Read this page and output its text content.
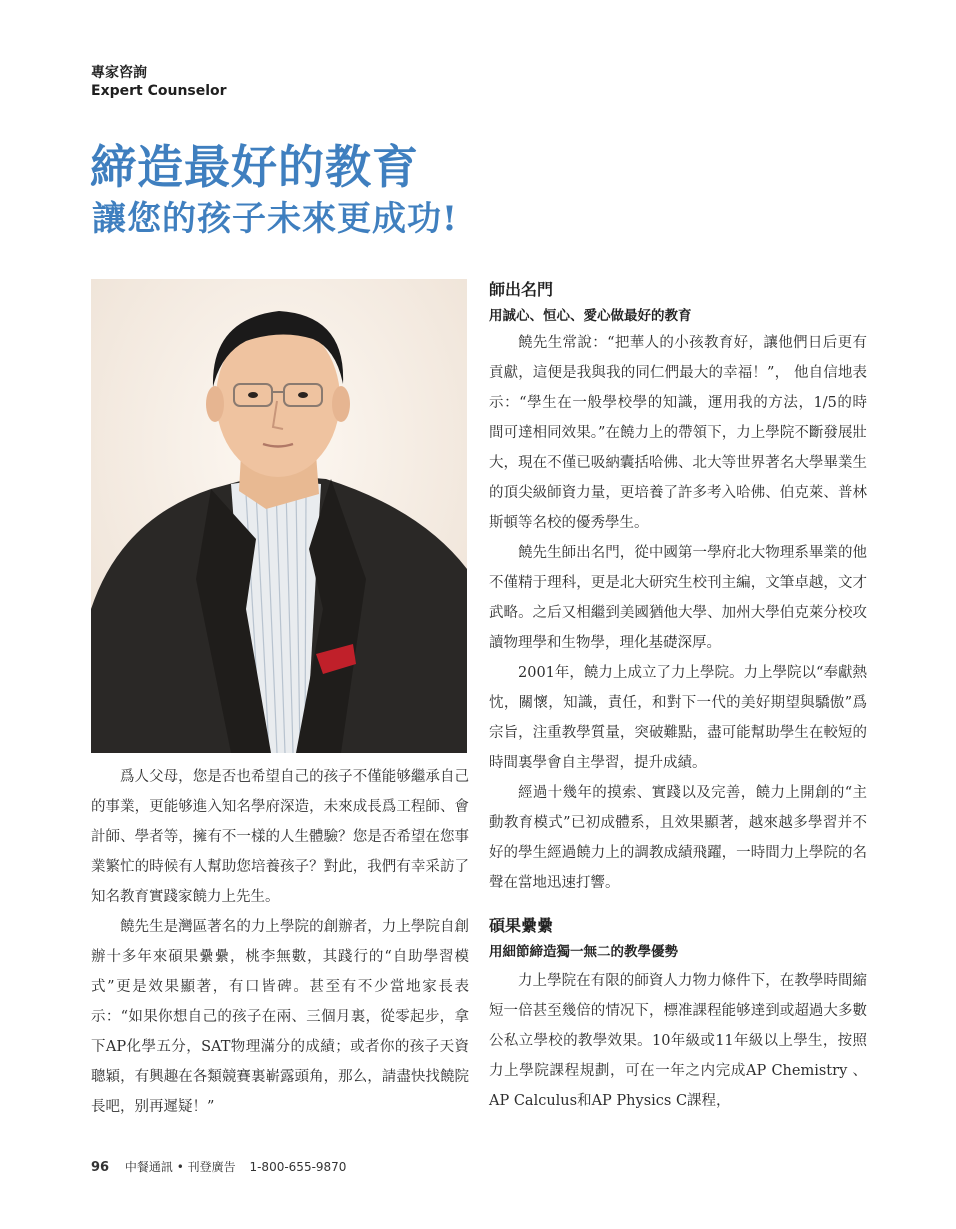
專家咨詢
Expert Counselor
締造最好的教育
讓您的孩子未來更成功!

爲人父母，您是否也希望自己的孩子不僅能够繼承自己的事業，更能够進入知名學府深造，未來成長爲工程師、會計師、學者等，擁有不一樣的人生體驗？您是否希望在您事業繁忙的時候有人幫助您培養孩子？對此，我們有幸采訪了知名教育實踐家饒力上先生。

饒先生是灣區著名的力上學院的創辦者，力上學院自創辦十多年來碩果纍纍，桃李無數，其踐行的“自助學習模式”更是效果顯著，有口皆碑。甚至有不少當地家長表示：“如果你想自己的孩子在兩、三個月裏，從零起步，拿下AP化學五分，SAT物理滿分的成績；或者你的孩子天資聰穎，有興趣在各類競賽裏嶄露頭角，那么，請盡快找饒院長吧，别再遲疑！”

師出名門
用誠心、恒心、愛心做最好的教育

饒先生常說：“把華人的小孩教育好，讓他們日后更有貢獻，這便是我與我的同仁們最大的幸福！”， 他自信地表示：“學生在一般學校學的知識，運用我的方法，1/5的時間可達相同效果。”在饒力上的帶領下，力上學院不斷發展壯大，現在不僅已吸納囊括哈佛、北大等世界著名大學畢業生的頂尖級師資力量，更培養了許多考入哈佛、伯克萊、普林斯頓等名校的優秀學生。

饒先生師出名門，從中國第一學府北大物理系畢業的他不僅精于理科，更是北大研究生校刊主編，文筆卓越，文才武略。之后又相繼到美國猶他大學、加州大學伯克萊分校攻讀物理學和生物學，理化基礎深厚。

2001年，饒力上成立了力上學院。力上學院以“奉獻熱忱，關懷，知識，責任，和對下一代的美好期望與驕傲”爲宗旨，注重教學質量，突破難點，盡可能幫助學生在較短的時間裏學會自主學習，提升成績。

經過十幾年的摸索、實踐以及完善，饒力上開創的“主動教育模式”已初成體系，且效果顯著，越來越多學習并不好的學生經過饒力上的調教成績飛躍，一時間力上學院的名聲在當地迅速打響。

碩果纍纍
用細節締造獨一無二的教學優勢

力上學院在有限的師資人力物力條件下，在教學時間縮短一倍甚至幾倍的情况下，標准課程能够達到或超過大多數公私立學校的教學效果。10年級或11年級以上學生，按照力上學院課程規劃，可在一年之内完成AP Chemistry 、AP Calculus和AP Physics C課程，

96 中餐通訊 • 刊登廣告 1-800-655-9870
